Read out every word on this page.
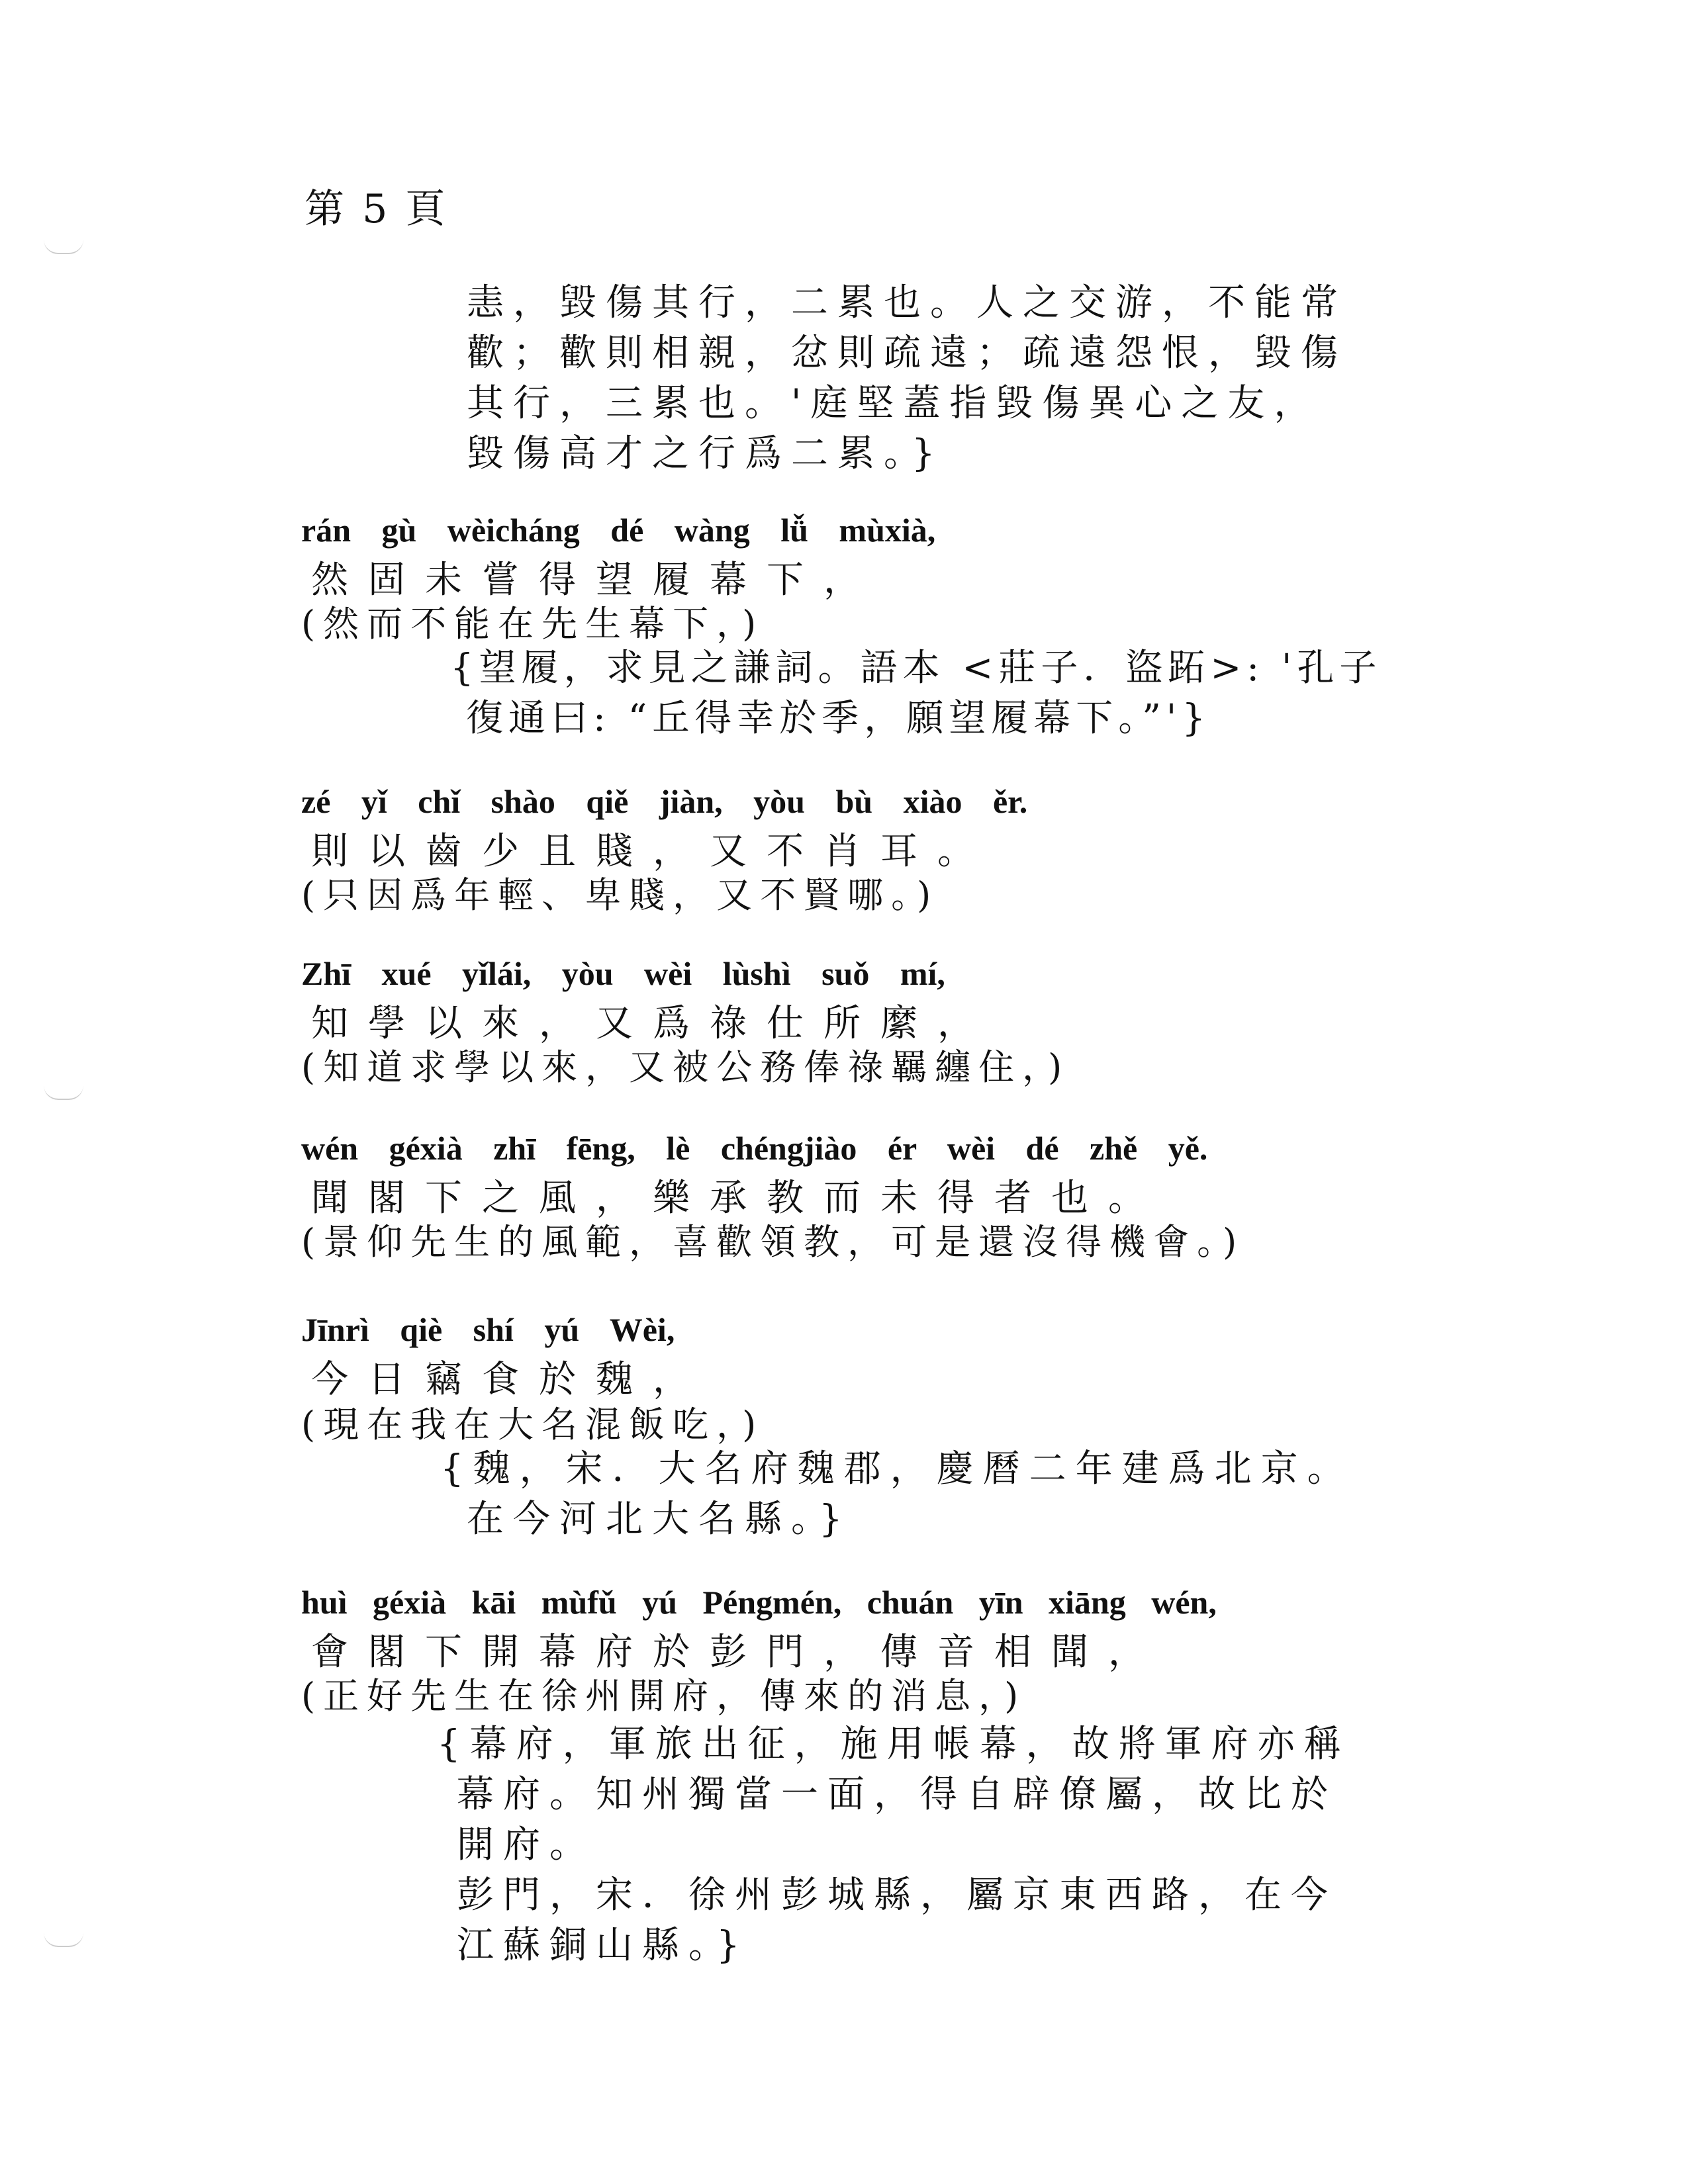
第 5 頁
恚，毀傷其行，二累也。人之交游，不能常
歡；歡則相親，忿則疏遠；疏遠怨恨，毀傷
其行，三累也。'庭堅蓋指毀傷異心之友，
毀傷高才之行爲二累。}
rán gù wèicháng dé wàng lǚ mùxià,
然固未嘗得望履幕下，
(然而不能在先生幕下，)
{望履，求見之謙詞。語本 <莊子．盜跖>: '孔子
復通曰: “丘得幸於季，願望履幕下。”'}
zé yǐ chǐ shào qiě jiàn, yòu bù xiào ěr.
則以齒少且賤，又不肖耳。
(只因爲年輕、卑賤，又不賢哪。)
Zhī xué yǐlái, yòu wèi lùshì suǒ mí,
知學以來，又爲祿仕所縻，
(知道求學以來，又被公務俸祿羈纏住，)
wén géxià zhī fēng, lè chéngjiào ér wèi dé zhě yě.
聞閣下之風，樂承教而未得者也。
(景仰先生的風範，喜歡領教，可是還沒得機會。)
Jīnrì qiè shí yú Wèi,
今日竊食於魏，
(現在我在大名混飯吃，)
{魏，宋．大名府魏郡，慶曆二年建爲北京。
在今河北大名縣。}
huì géxià kāi mùfǔ yú Péngmén, chuán yīn xiāng wén,
會閣下開幕府於彭門，傳音相聞，
(正好先生在徐州開府，傳來的消息，)
{幕府，軍旅出征，施用帳幕，故將軍府亦稱
幕府。知州獨當一面，得自辟僚屬，故比於
開府。
彭門，宋．徐州彭城縣，屬京東西路，在今
江蘇銅山縣。}
